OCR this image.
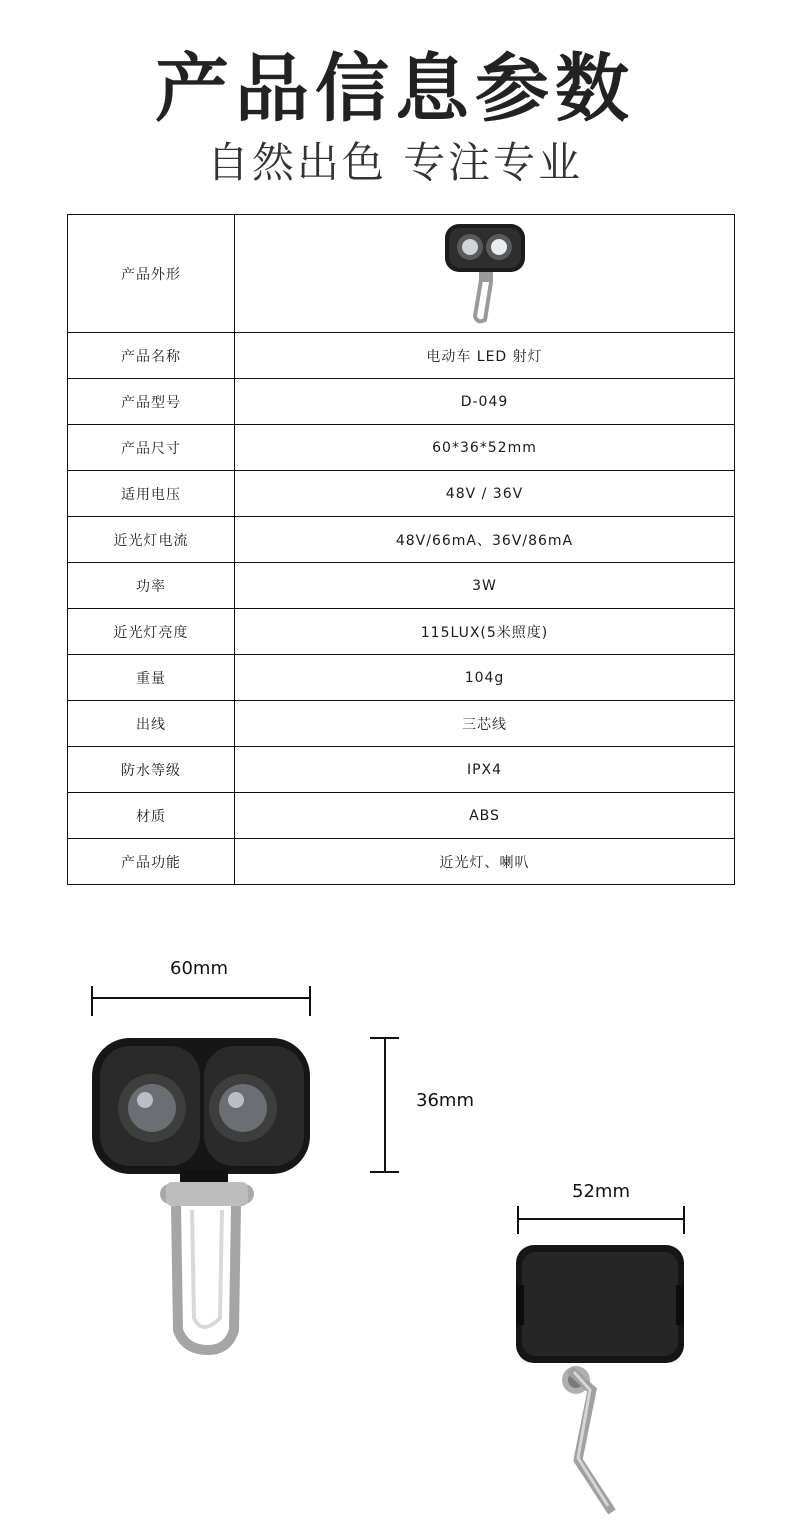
产品信息参数
自然出色 专注专业
产品外形	
产品名称	电动车 LED 射灯
产品型号	D-049
产品尺寸	60*36*52mm
适用电压	48V / 36V
近光灯电流	48V/66mA、36V/86mA
功率	3W
近光灯亮度	115LUX(5米照度)
重量	104g
出线	三芯线
防水等级	IPX4
材质	ABS
产品功能	近光灯、喇叭
60mm
36mm
52mm
